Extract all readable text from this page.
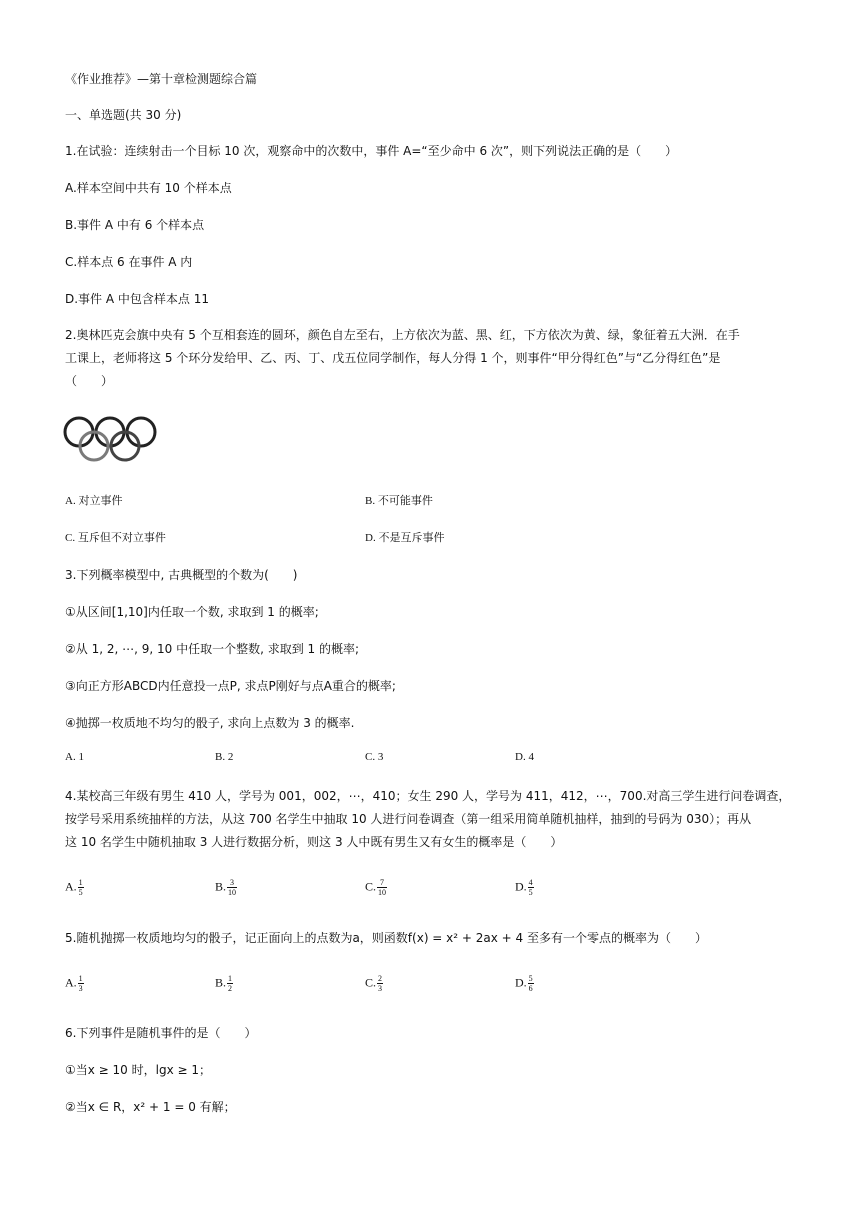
《作业推荐》—第十章检测题综合篇
一、单选题(共 30 分)
1.在试验：连续射击一个目标 10 次，观察命中的次数中，事件 A=“至少命中 6 次”，则下列说法正确的是（　　）
A.样本空间中共有 10 个样本点
B.事件 A 中有 6 个样本点
C.样本点 6 在事件 A 内
D.事件 A 中包含样本点 11
2.奥林匹克会旗中央有 5 个互相套连的圆环，颜色自左至右，上方依次为蓝、黑、红，下方依次为黄、绿，象征着五大洲．在手
工课上，老师将这 5 个环分发给甲、乙、丙、丁、戊五位同学制作，每人分得 1 个，则事件“甲分得红色”与“乙分得红色”是
（　　）
A. 对立事件	B. 不可能事件
C. 互斥但不对立事件	D. 不是互斥事件
3.下列概率模型中, 古典概型的个数为(　　)
①从区间[1,10]内任取一个数, 求取到 1 的概率;
②从 1, 2, ⋯, 9, 10 中任取一个整数, 求取到 1 的概率;
③向正方形ABCD内任意投一点P, 求点P刚好与点A重合的概率;
④抛掷一枚质地不均匀的骰子, 求向上点数为 3 的概率.
A. 1	B. 2	C. 3	D. 4
4.某校高三年级有男生 410 人，学号为 001，002，⋯，410；女生 290 人，学号为 411，412，⋯，700.对高三学生进行问卷调查，
按学号采用系统抽样的方法，从这 700 名学生中抽取 10 人进行问卷调查（第一组采用简单随机抽样，抽到的号码为 030）；再从
这 10 名学生中随机抽取 3 人进行数据分析，则这 3 人中既有男生又有女生的概率是（　　）
A. $\frac{1}{5}$	B. $\frac{3}{10}$	C. $\frac{7}{10}$	D. $\frac{4}{5}$
5.随机抛掷一枚质地均匀的骰子，记正面向上的点数为a，则函数f(x) = x² + 2ax + 4 至多有一个零点的概率为（　　）
A. $\frac{1}{3}$	B. $\frac{1}{2}$	C. $\frac{2}{3}$	D. $\frac{5}{6}$
6.下列事件是随机事件的是（　　）
①当x ≥ 10 时，lgx ≥ 1；
②当x ∈ R，x² + 1 = 0 有解；
